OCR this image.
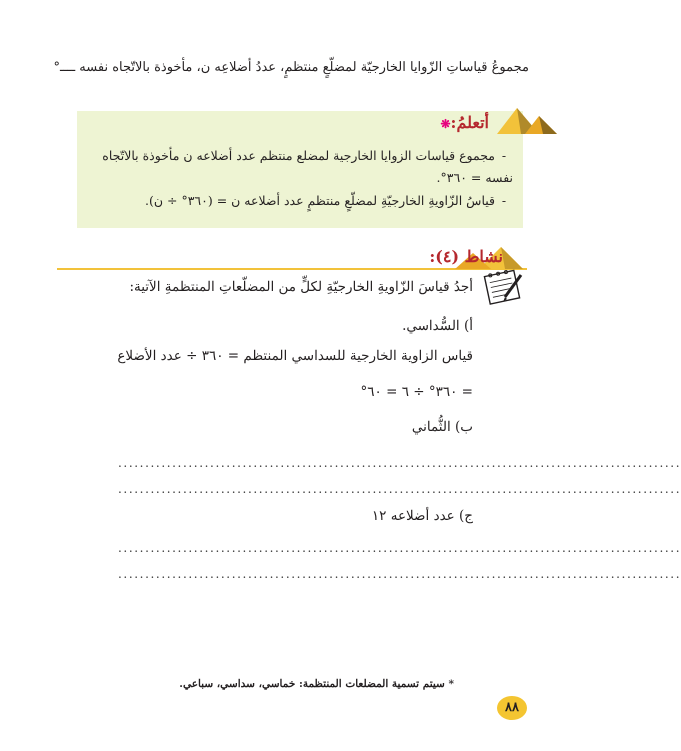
مجموعُ قياساتِ الزّوايا الخارجيّة لمضلّعٍ منتظمٍ، عددُ أضلاعِه ن، مأخوذة بالاتّجاه نفسه ــــ°
أتعلمُ:❋
-مجموع قياسات الزوايا الخارجية لمضلع منتظم عدد أضلاعه ن مأخوذة بالاتّجاه نفسه = ٣٦٠°.
-قياسُ الزّاويةِ الخارجيّةِ لمضلّعٍ منتظمٍ عدد أضلاعه ن = (٣٦٠° ÷ ن).
نشاط (٤):
أجدُ قياسَ الزّاويةِ الخارجيّةِ لكلٍّ من المضلّعاتِ المنتظمةِ الآتية:
أ) السُّداسي.
قياس الزاوية الخارجية للسداسي المنتظم = ٣٦٠ ÷ عدد الأضلاع
= ٣٦٠° ÷ ٦ = ٦٠°
ب) الثُّماني
........................................................................................................
........................................................................................................
ج) عدد أضلاعه ١٢
........................................................................................................
........................................................................................................
* سيتم تسمية المضلعات المنتظمة: خماسي، سداسي، سباعي.
٨٨
